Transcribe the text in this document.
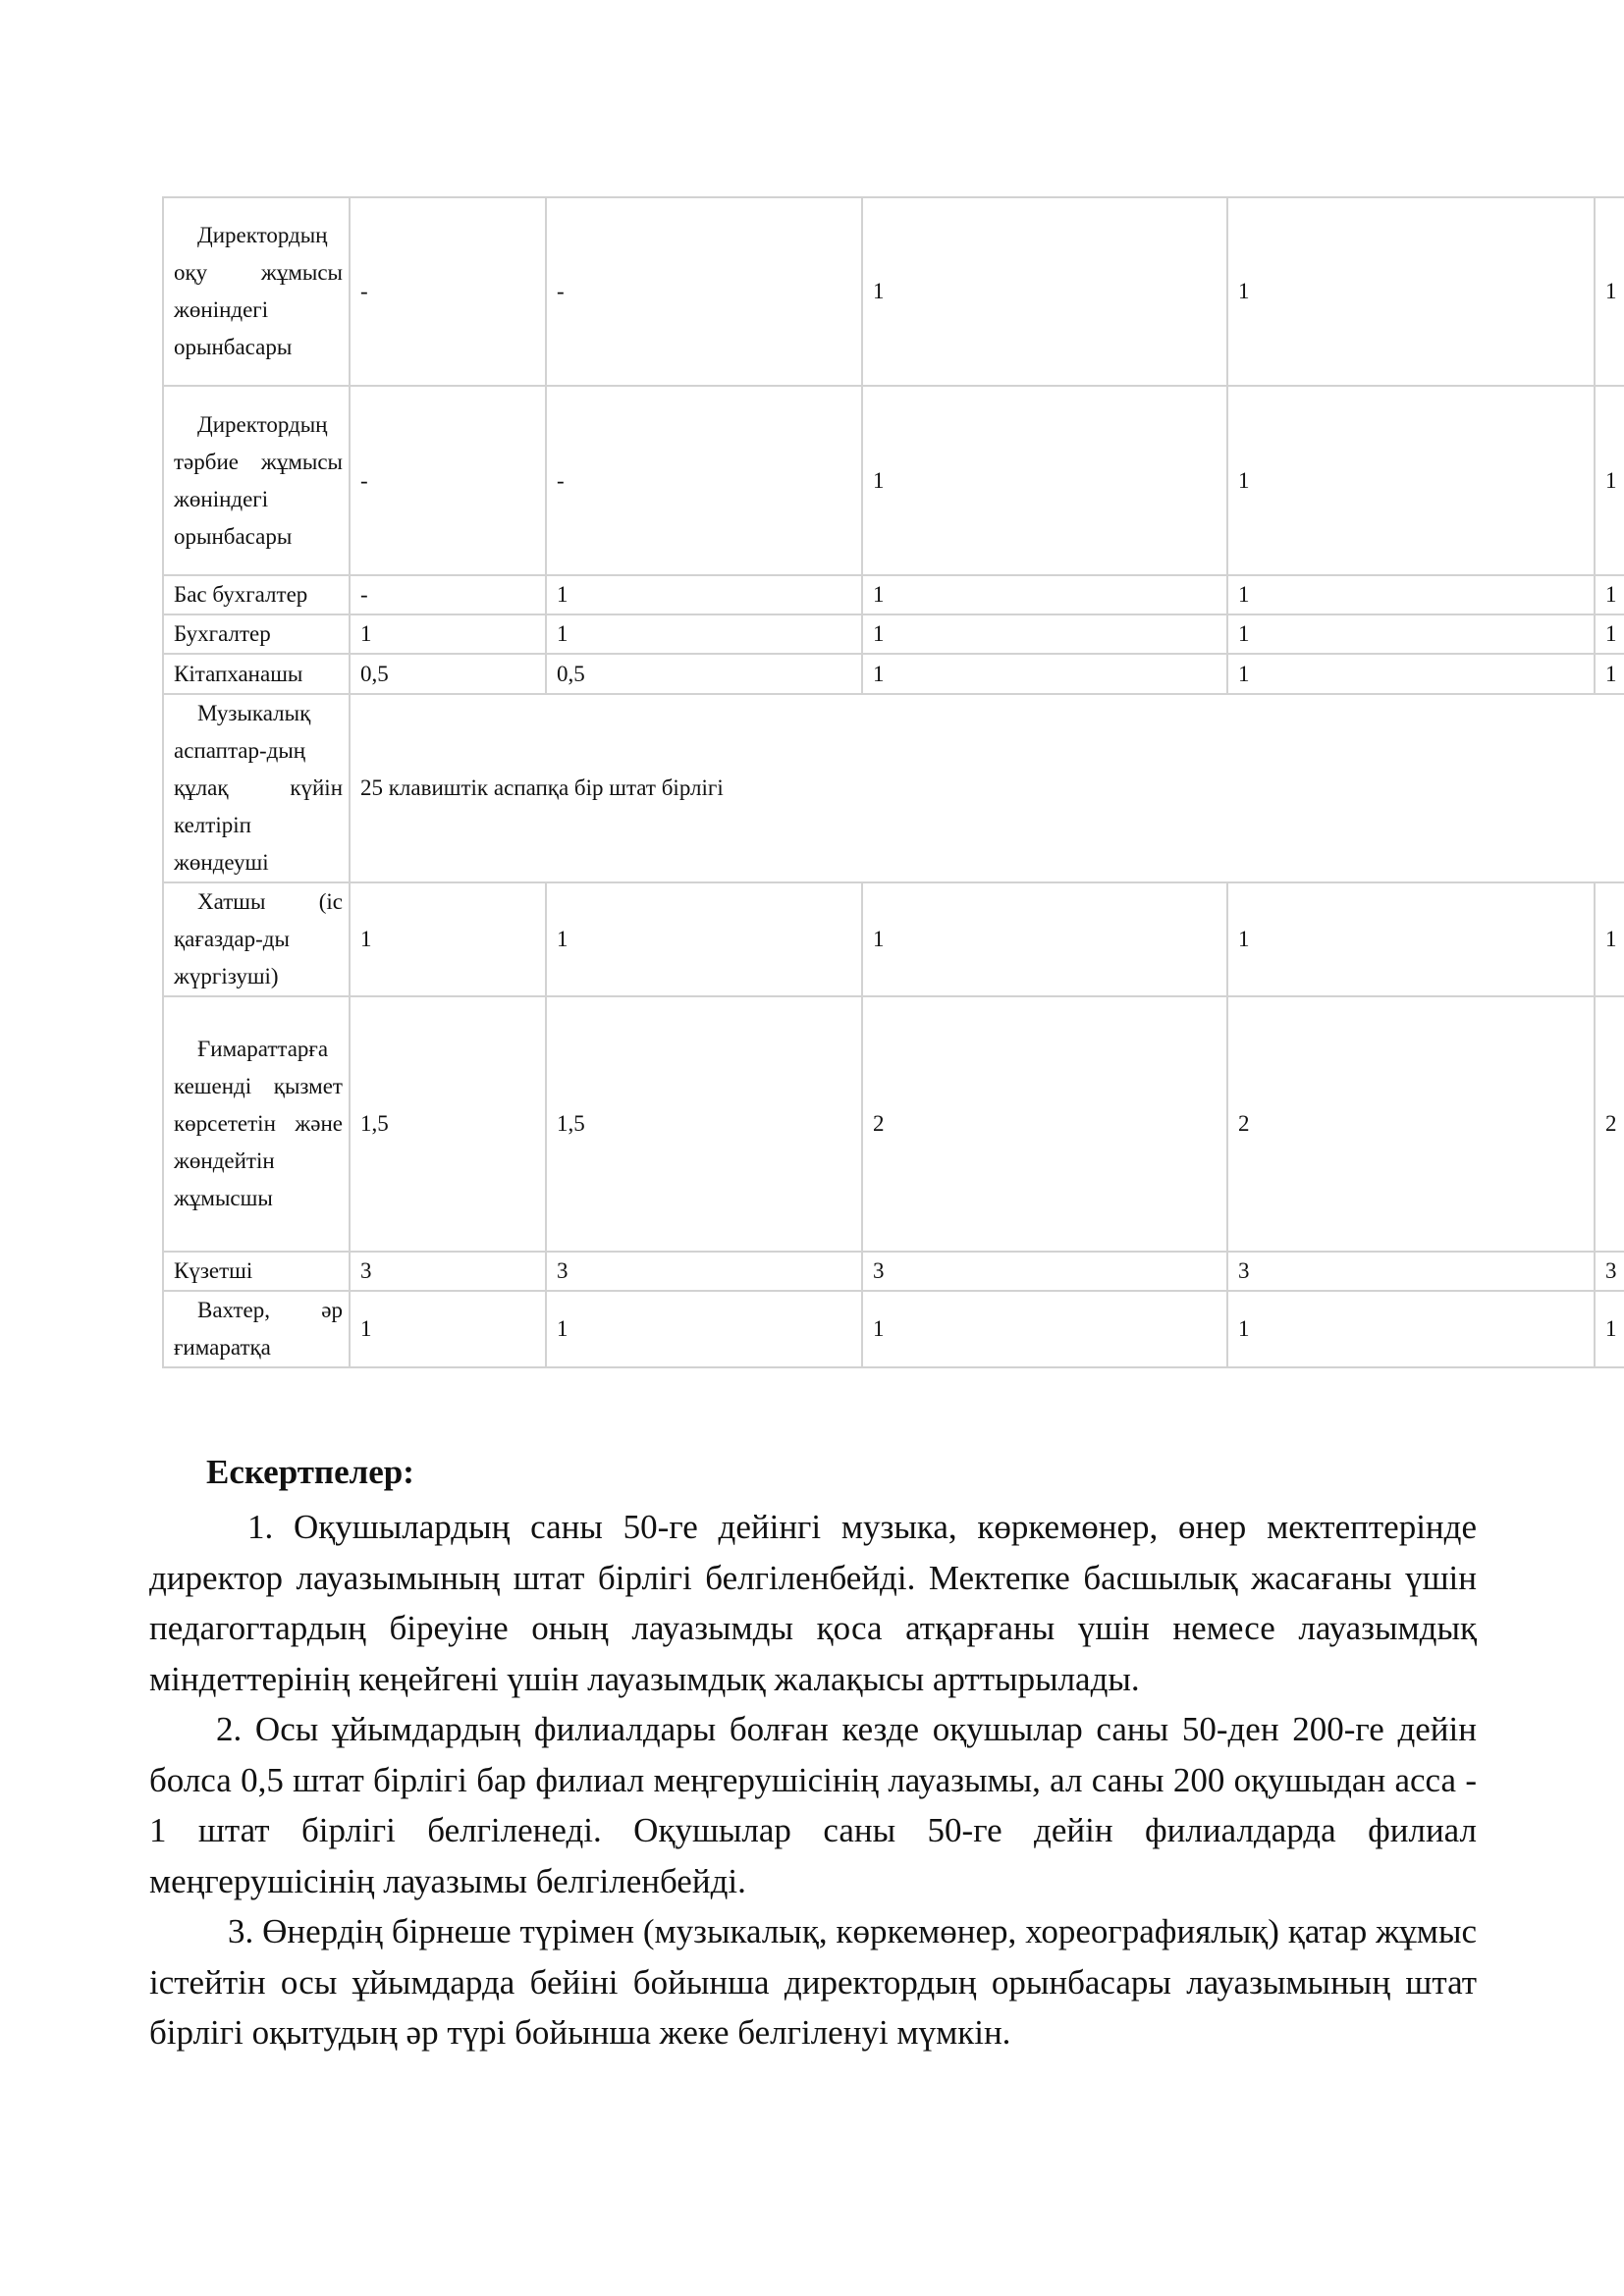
Директордың оқу жұмысы жөніндегі орынбасары	-	-	1	1	1
Директордың тәрбие жұмысы жөніндегі орынбасары	-	-	1	1	1
Бас бухгалтер	-	1	1	1	1
Бухгалтер	1	1	1	1	1
Кітапханашы	0,5	0,5	1	1	1
Музыкалық аспаптар-дың құлақ күйін келтіріп жөндеуші	25 клавиштік аспапқа бір штат бірлігі				
Хатшы (іс қағаздар-ды жүргізуші)	1	1	1	1	1
Ғимараттарға кешенді қызмет көрсететін және жөндейтін жұмысшы	1,5	1,5	2	2	2
Күзетші	3	3	3	3	3
Вахтер, әр ғимаратқа	1	1	1	1	1
Ескертпелер:

1. Оқушылардың саны 50-ге дейінгі музыка, көркемөнер, өнер мектептерінде директор лауазымының штат бірлігі белгіленбейді. Мектепке басшылық жасағаны үшін педагогтардың біреуіне оның лауазымды қоса атқарғаны үшін немесе лауазымдық міндеттерінің кеңейгені үшін лауазымдық жалақысы арттырылады.

2. Осы ұйымдардың филиалдары болған кезде оқушылар саны 50-ден 200-ге дейін болса 0,5 штат бірлігі бар филиал меңгерушісінің лауазымы, ал саны 200 оқушыдан асса - 1 штат бірлігі белгіленеді. Оқушылар саны 50-ге дейін филиалдарда филиал меңгерушісінің лауазымы белгіленбейді.

3. Өнердің бірнеше түрімен (музыкалық, көркемөнер, хореографиялық) қатар жұмыс істейтін осы ұйымдарда бейіні бойынша директордың орынбасары лауазымының штат бірлігі оқытудың әр түрі бойынша жеке белгіленуі мүмкін.
